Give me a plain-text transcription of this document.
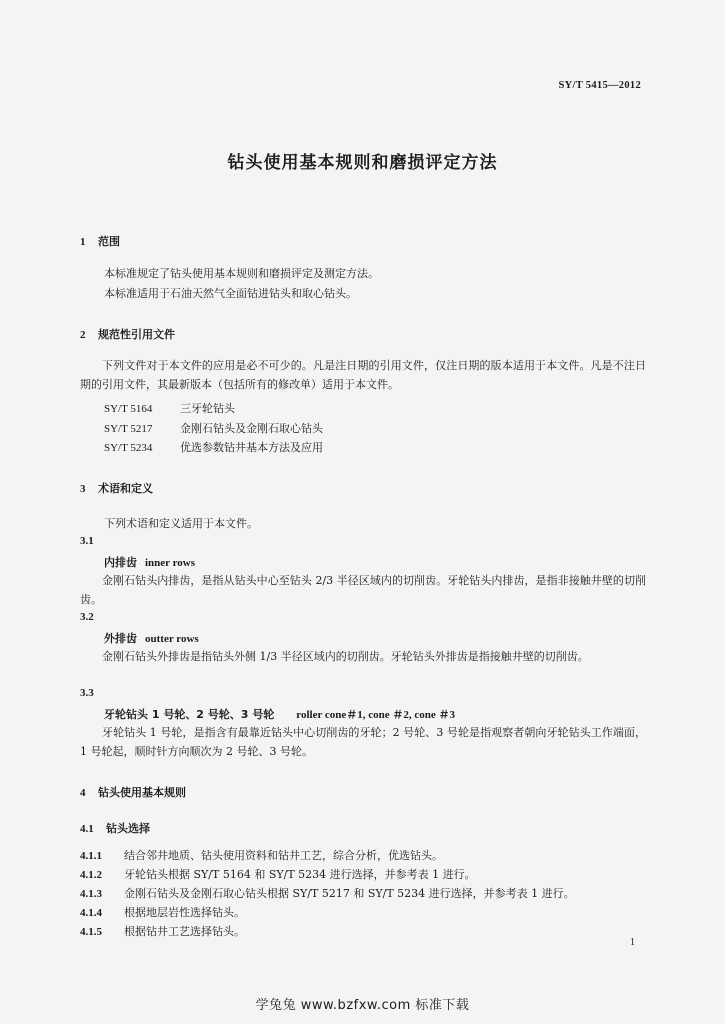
SY/T 5415—2012
钻头使用基本规则和磨损评定方法
1 范围
本标准规定了钻头使用基本规则和磨损评定及测定方法。
本标准适用于石油天然气全面钻进钻头和取心钻头。
2 规范性引用文件

下列文件对于本文件的应用是必不可少的。凡是注日期的引用文件，仅注日期的版本适用于本文件。凡是不注日期的引用文件，其最新版本（包括所有的修改单）适用于本文件。

SY/T 5164	三牙轮钻头
SY/T 5217	金刚石钻头及金刚石取心钻头
SY/T 5234	优选参数钻井基本方法及应用
3 术语和定义
下列术语和定义适用于本文件。
3.1
内排齿 inner rows

金刚石钻头内排齿，是指从钻头中心至钻头 2/3 半径区域内的切削齿。牙轮钻头内排齿，是指非接触井壁的切削齿。

3.2
外排齿 outter rows

金刚石钻头外排齿是指钻头外侧 1/3 半径区域内的切削齿。牙轮钻头外排齿是指接触井壁的切削齿。

3.3
牙轮钻头 1 号轮、2 号轮、3 号轮 roller cone＃1, cone ＃2, cone ＃3

牙轮钻头 1 号轮，是指含有最靠近钻头中心切削齿的牙轮；2 号轮、3 号轮是指观察者朝向牙轮钻头工作端面，1 号轮起，顺时针方向顺次为 2 号轮、3 号轮。

4 钻头使用基本规则
4.1 钻头选择
4.1.1 结合邻井地质、钻头使用资料和钻井工艺，综合分析，优选钻头。
4.1.2 牙轮钻头根据 SY/T 5164 和 SY/T 5234 进行选择，并参考表 1 进行。
4.1.3 金刚石钻头及金刚石取心钻头根据 SY/T 5217 和 SY/T 5234 进行选择，并参考表 1 进行。
4.1.4 根据地层岩性选择钻头。
4.1.5 根据钻井工艺选择钻头。
1
学兔兔 www.bzfxw.com 标准下载
